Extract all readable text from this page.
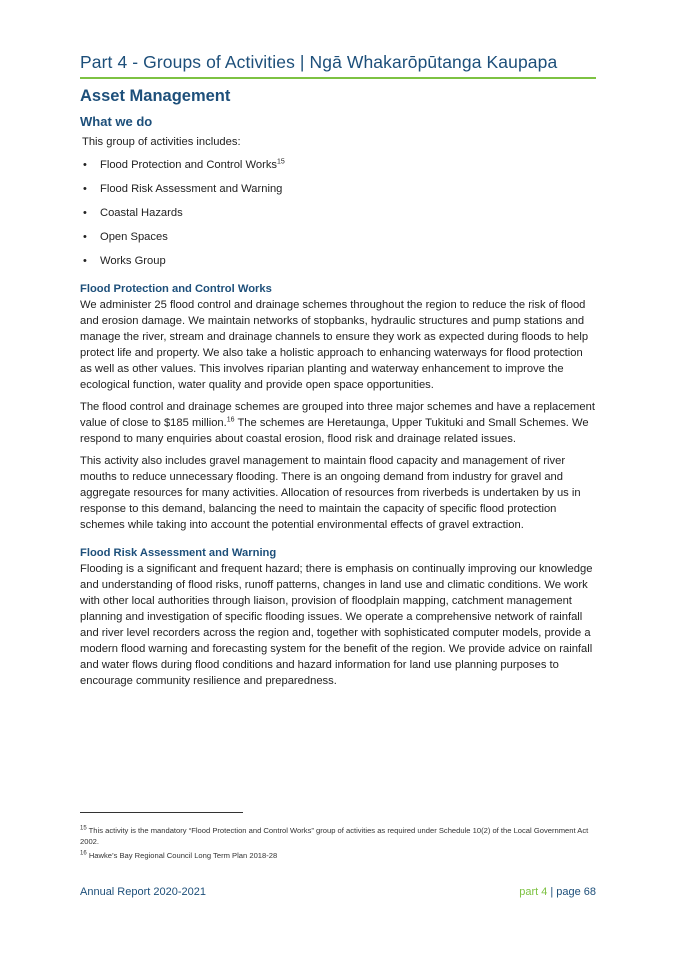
Part 4 - Groups of Activities | Ngā Whakarōpūtanga Kaupapa
Asset Management
What we do

This group of activities includes:

• Flood Protection and Control Works$^{15}$
• Flood Risk Assessment and Warning
• Coastal Hazards
• Open Spaces
• Works Group
Flood Protection and Control Works

We administer 25 flood control and drainage schemes throughout the region to reduce the risk of flood and erosion damage. We maintain networks of stopbanks, hydraulic structures and pump stations and manage the river, stream and drainage channels to ensure they work as expected during floods to help protect life and property. We also take a holistic approach to enhancing waterways for flood protection as well as other values. This involves riparian planting and waterway enhancement to improve the ecological function, water quality and provide open space opportunities.

The flood control and drainage schemes are grouped into three major schemes and have a replacement value of close to $185 million.$^{16}$ The schemes are Heretaunga, Upper Tukituki and Small Schemes. We respond to many enquiries about coastal erosion, flood risk and drainage related issues.

This activity also includes gravel management to maintain flood capacity and management of river mouths to reduce unnecessary flooding. There is an ongoing demand from industry for gravel and aggregate resources for many activities. Allocation of resources from riverbeds is undertaken by us in response to this demand, balancing the need to maintain the capacity of specific flood protection schemes while taking into account the potential environmental effects of gravel extraction.

Flood Risk Assessment and Warning

Flooding is a significant and frequent hazard; there is emphasis on continually improving our knowledge and understanding of flood risks, runoff patterns, changes in land use and climatic conditions. We work with other local authorities through liaison, provision of floodplain mapping, catchment management planning and investigation of specific flooding issues. We operate a comprehensive network of rainfall and river level recorders across the region and, together with sophisticated computer models, provide a modern flood warning and forecasting system for the benefit of the region. We provide advice on rainfall and water flows during flood conditions and hazard information for land use planning purposes to encourage community resilience and preparedness.

$^{15}$ This activity is the mandatory “Flood Protection and Control Works” group of activities as required under Schedule 10(2) of the Local Government Act 2002.

$^{16}$ Hawke’s Bay Regional Council Long Term Plan 2018-28

Annual Report 2020-2021	part 4 | page 68
